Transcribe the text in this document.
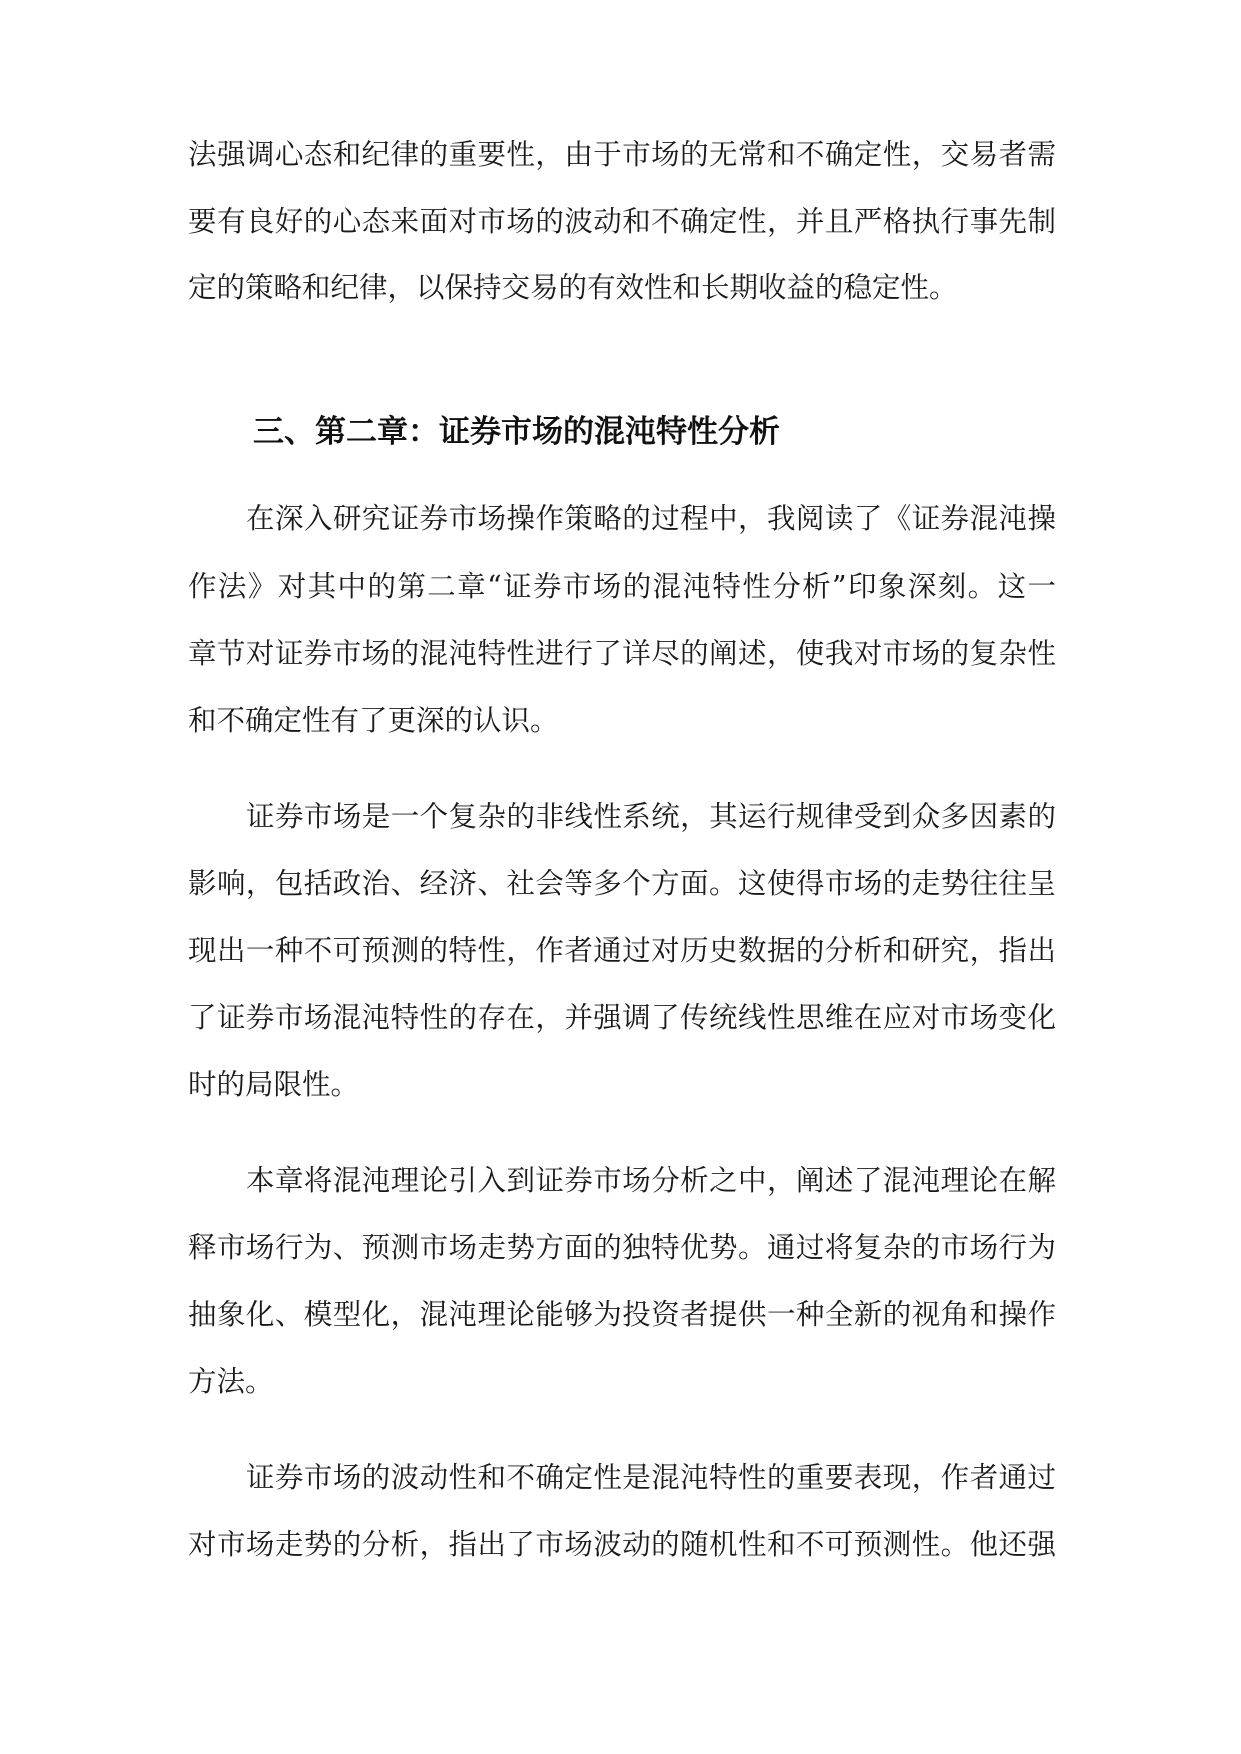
法强调心态和纪律的重要性，由于市场的无常和不确定性，交易者需
要有良好的心态来面对市场的波动和不确定性，并且严格执行事先制
定的策略和纪律，以保持交易的有效性和长期收益的稳定性。
三、第二章：证券市场的混沌特性分析
在深入研究证券市场操作策略的过程中，我阅读了《证券混沌操
作法》对其中的第二章“证券市场的混沌特性分析”印象深刻。这一
章节对证券市场的混沌特性进行了详尽的阐述，使我对市场的复杂性
和不确定性有了更深的认识。
证券市场是一个复杂的非线性系统，其运行规律受到众多因素的
影响，包括政治、经济、社会等多个方面。这使得市场的走势往往呈
现出一种不可预测的特性，作者通过对历史数据的分析和研究，指出
了证券市场混沌特性的存在，并强调了传统线性思维在应对市场变化
时的局限性。
本章将混沌理论引入到证券市场分析之中，阐述了混沌理论在解
释市场行为、预测市场走势方面的独特优势。通过将复杂的市场行为
抽象化、模型化，混沌理论能够为投资者提供一种全新的视角和操作
方法。
证券市场的波动性和不确定性是混沌特性的重要表现，作者通过
对市场走势的分析，指出了市场波动的随机性和不可预测性。他还强
